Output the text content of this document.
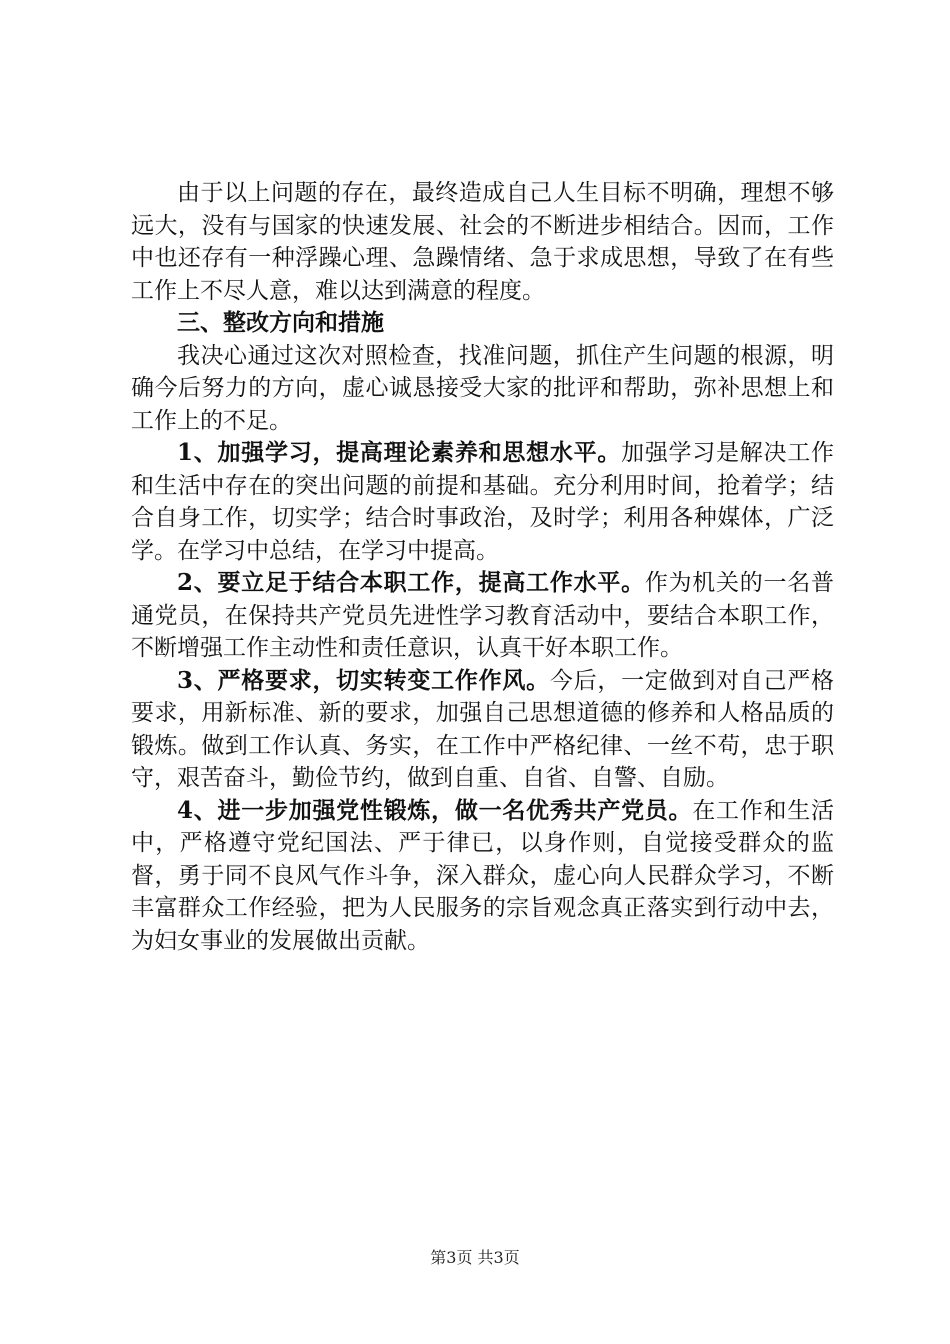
由于以上问题的存在，最终造成自己人生目标不明确，理想不够远大，没有与国家的快速发展、社会的不断进步相结合。因而，工作中也还存有一种浮躁心理、急躁情绪、急于求成思想，导致了在有些工作上不尽人意，难以达到满意的程度。

三、整改方向和措施

我决心通过这次对照检查，找准问题，抓住产生问题的根源，明确今后努力的方向，虚心诚恳接受大家的批评和帮助，弥补思想上和工作上的不足。

1、加强学习，提高理论素养和思想水平。加强学习是解决工作和生活中存在的突出问题的前提和基础。充分利用时间，抢着学；结合自身工作，切实学；结合时事政治，及时学；利用各种媒体，广泛学。在学习中总结，在学习中提高。

2、要立足于结合本职工作，提高工作水平。作为机关的一名普通党员，在保持共产党员先进性学习教育活动中，要结合本职工作，不断增强工作主动性和责任意识，认真干好本职工作。

3、严格要求，切实转变工作作风。今后，一定做到对自己严格要求，用新标准、新的要求，加强自己思想道德的修养和人格品质的锻炼。做到工作认真、务实，在工作中严格纪律、一丝不苟，忠于职守，艰苦奋斗，勤俭节约，做到自重、自省、自警、自励。

4、进一步加强党性锻炼，做一名优秀共产党员。在工作和生活中，严格遵守党纪国法、严于律已，以身作则，自觉接受群众的监督，勇于同不良风气作斗争，深入群众，虚心向人民群众学习，不断丰富群众工作经验，把为人民服务的宗旨观念真正落实到行动中去，为妇女事业的发展做出贡献。

第3页 共3页
